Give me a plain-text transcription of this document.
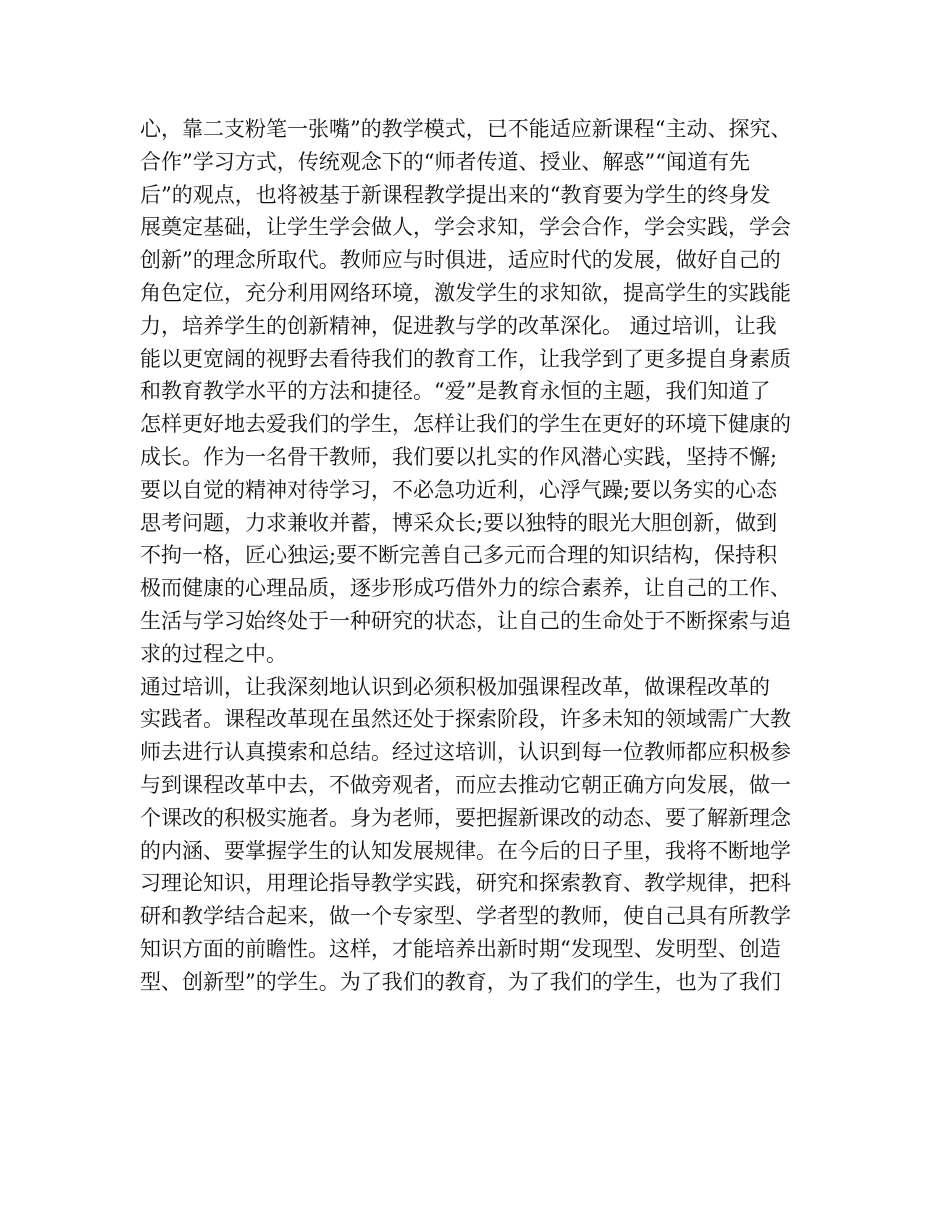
心，靠二支粉笔一张嘴”的教学模式，已不能适应新课程“主动、探究、
合作”学习方式，传统观念下的“师者传道、授业、解惑”“闻道有先
后”的观点，也将被基于新课程教学提出来的“教育要为学生的终身发
展奠定基础，让学生学会做人，学会求知，学会合作，学会实践，学会
创新”的理念所取代。教师应与时俱进，适应时代的发展，做好自己的
角色定位，充分利用网络环境，激发学生的求知欲，提高学生的实践能
力，培养学生的创新精神，促进教与学的改革深化。 通过培训，让我
能以更宽阔的视野去看待我们的教育工作，让我学到了更多提自身素质
和教育教学水平的方法和捷径。“爱”是教育永恒的主题，我们知道了
怎样更好地去爱我们的学生，怎样让我们的学生在更好的环境下健康的
成长。作为一名骨干教师，我们要以扎实的作风潜心实践，坚持不懈;
要以自觉的精神对待学习，不必急功近利，心浮气躁;要以务实的心态
思考问题，力求兼收并蓄，博采众长;要以独特的眼光大胆创新，做到
不拘一格，匠心独运;要不断完善自己多元而合理的知识结构，保持积
极而健康的心理品质，逐步形成巧借外力的综合素养，让自己的工作、
生活与学习始终处于一种研究的状态，让自己的生命处于不断探索与追
求的过程之中。
通过培训，让我深刻地认识到必须积极加强课程改革，做课程改革的
实践者。课程改革现在虽然还处于探索阶段，许多未知的领域需广大教
师去进行认真摸索和总结。经过这培训，认识到每一位教师都应积极参
与到课程改革中去，不做旁观者，而应去推动它朝正确方向发展，做一
个课改的积极实施者。身为老师，要把握新课改的动态、要了解新理念
的内涵、要掌握学生的认知发展规律。在今后的日子里，我将不断地学
习理论知识，用理论指导教学实践，研究和探索教育、教学规律，把科
研和教学结合起来，做一个专家型、学者型的教师，使自己具有所教学
知识方面的前瞻性。这样，才能培养出新时期“发现型、发明型、创造
型、创新型”的学生。为了我们的教育，为了我们的学生，也为了我们
